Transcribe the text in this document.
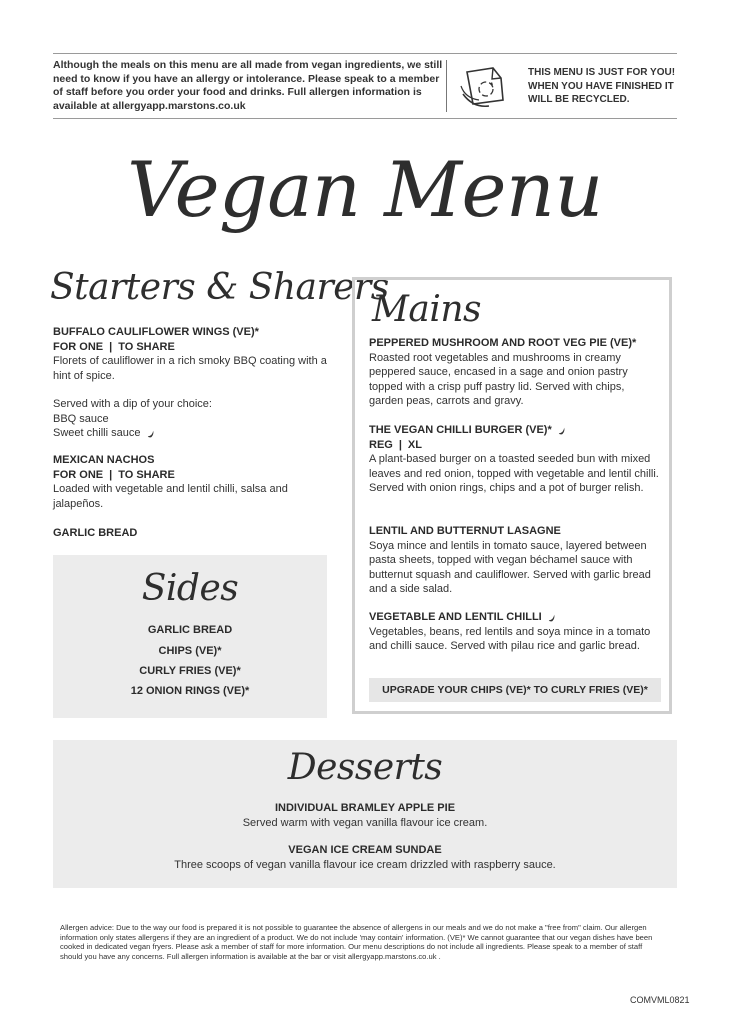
Although the meals on this menu are all made from vegan ingredients, we still need to know if you have an allergy or intolerance. Please speak to a member of staff before you order your food and drinks. Full allergen information is available at allergyapp.marstons.co.uk
THIS MENU IS JUST FOR YOU! WHEN YOU HAVE FINISHED IT WILL BE RECYCLED.
Vegan Menu
Starters & Sharers
BUFFALO CAULIFLOWER WINGS (VE)*
FOR ONE | TO SHARE
Florets of cauliflower in a rich smoky BBQ coating with a hint of spice.
Served with a dip of your choice:
BBQ sauce
Sweet chilli sauce
MEXICAN NACHOS
FOR ONE | TO SHARE
Loaded with vegetable and lentil chilli, salsa and jalapeños.
GARLIC BREAD
Sides
GARLIC BREAD
CHIPS (VE)*
CURLY FRIES (VE)*
12 ONION RINGS (VE)*
Mains
PEPPERED MUSHROOM AND ROOT VEG PIE (VE)*
Roasted root vegetables and mushrooms in creamy peppered sauce, encased in a sage and onion pastry topped with a crisp puff pastry lid. Served with chips, garden peas, carrots and gravy.
THE VEGAN CHILLI BURGER (VE)*
REG | XL
A plant-based burger on a toasted seeded bun with mixed leaves and red onion, topped with vegetable and lentil chilli. Served with onion rings, chips and a pot of burger relish.
LENTIL AND BUTTERNUT LASAGNE
Soya mince and lentils in tomato sauce, layered between pasta sheets, topped with vegan béchamel sauce with butternut squash and cauliflower. Served with garlic bread and a side salad.
VEGETABLE AND LENTIL CHILLI
Vegetables, beans, red lentils and soya mince in a tomato and chilli sauce. Served with pilau rice and garlic bread.
UPGRADE YOUR CHIPS (VE)* TO CURLY FRIES (VE)*
Desserts
INDIVIDUAL BRAMLEY APPLE PIE
Served warm with vegan vanilla flavour ice cream.
VEGAN ICE CREAM SUNDAE
Three scoops of vegan vanilla flavour ice cream drizzled with raspberry sauce.
Allergen advice: Due to the way our food is prepared it is not possible to guarantee the absence of allergens in our meals and we do not make a "free from" claim. Our allergen information only states allergens if they are an ingredient of a product. We do not include 'may contain' information. (VE)* We cannot guarantee that our vegan dishes have been cooked in dedicated vegan fryers. Please ask a member of staff for more information. Our menu descriptions do not include all ingredients. Please speak to a member of staff should you have any concerns. Full allergen information is available at the bar or visit allergyapp.marstons.co.uk .
COMVML0821
